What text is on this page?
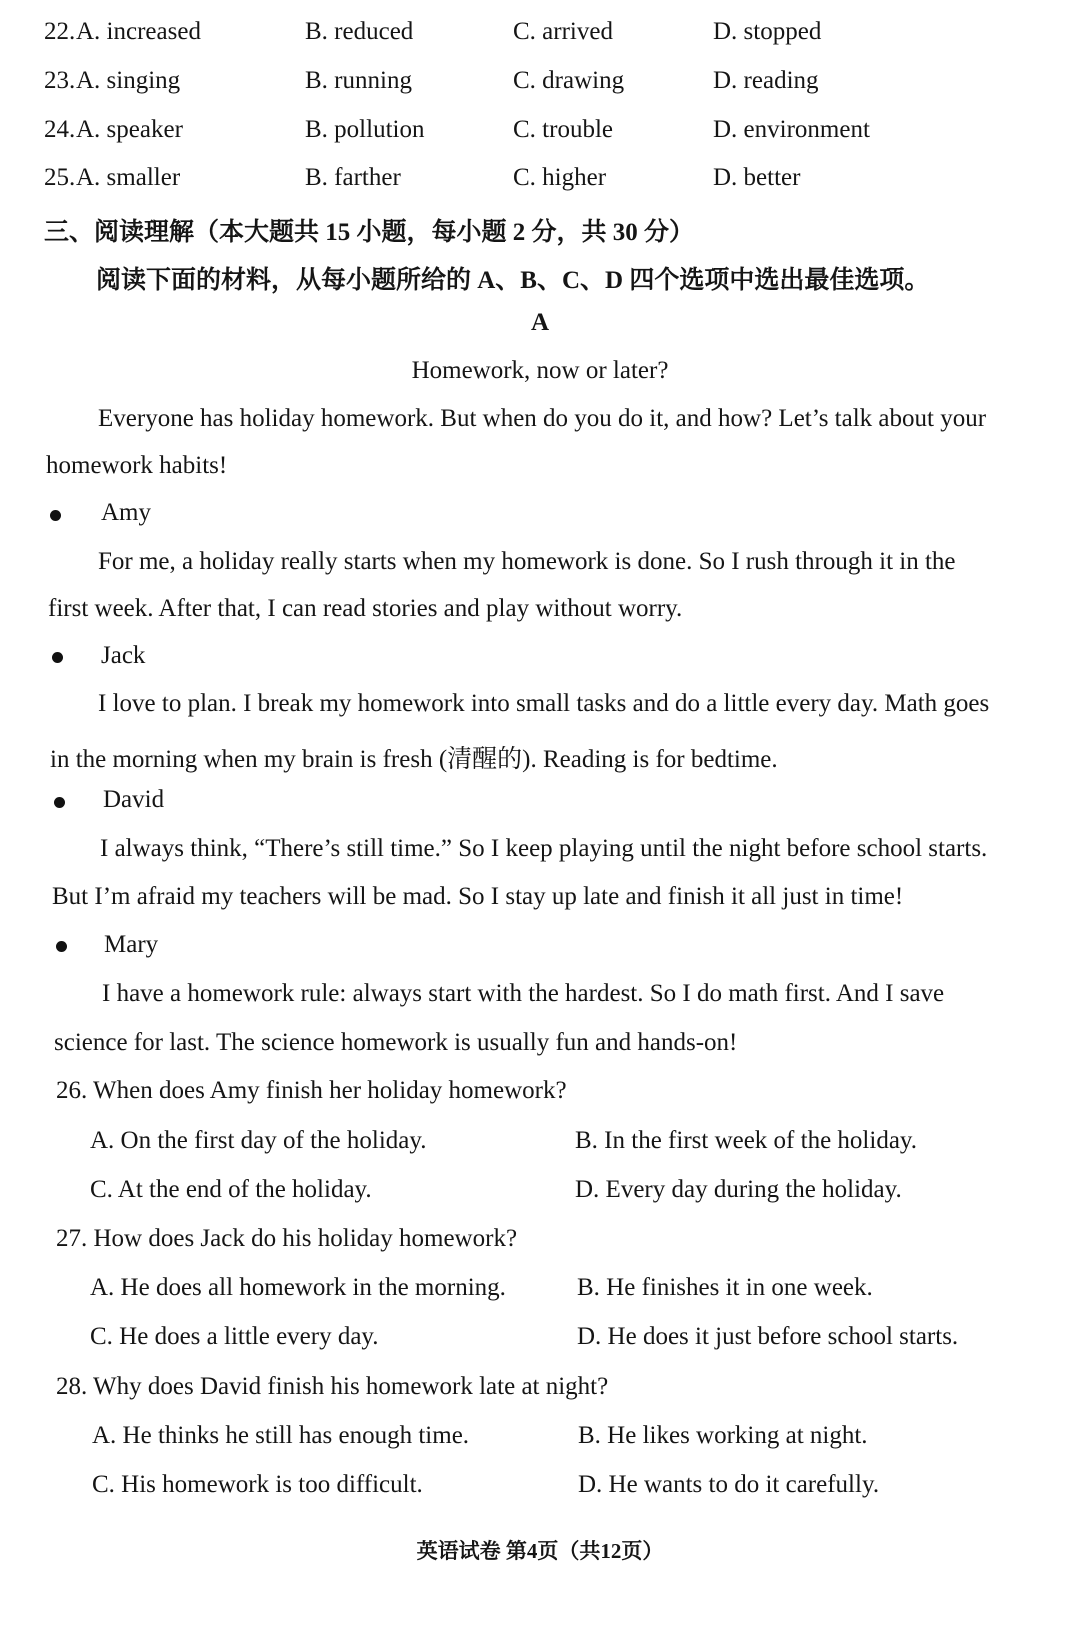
22. A. increased	B. reduced	C. arrived	D. stopped
23. A. singing	B. running	C. drawing	D. reading
24. A. speaker	B. pollution	C. trouble	D. environment
25. A. smaller	B. farther	C. higher	D. better
三、阅读理解（本大题共 15 小题，每小题 2 分，共 30 分）
阅读下面的材料，从每小题所给的 A、B、C、D 四个选项中选出最佳选项。
A
Homework, now or later?
Everyone has holiday homework. But when do you do it, and how? Let’s talk about your
homework habits!
Amy
For me, a holiday really starts when my homework is done. So I rush through it in the
first week. After that, I can read stories and play without worry.
Jack
I love to plan. I break my homework into small tasks and do a little every day. Math goes
in the morning when my brain is fresh (清醒的). Reading is for bedtime.
David
I always think, “There’s still time.” So I keep playing until the night before school starts.
But I’m afraid my teachers will be mad. So I stay up late and finish it all just in time!
Mary
I have a homework rule: always start with the hardest. So I do math first. And I save
science for last. The science homework is usually fun and hands-on!
26. When does Amy finish her holiday homework?
A. On the first day of the holiday.	B. In the first week of the holiday.
C. At the end of the holiday.	D. Every day during the holiday.
27. How does Jack do his holiday homework?
A. He does all homework in the morning.	B. He finishes it in one week.
C. He does a little every day.	D. He does it just before school starts.
28. Why does David finish his homework late at night?
A. He thinks he still has enough time.	B. He likes working at night.
C. His homework is too difficult.	D. He wants to do it carefully.
英语试卷 第4页（共12页）
